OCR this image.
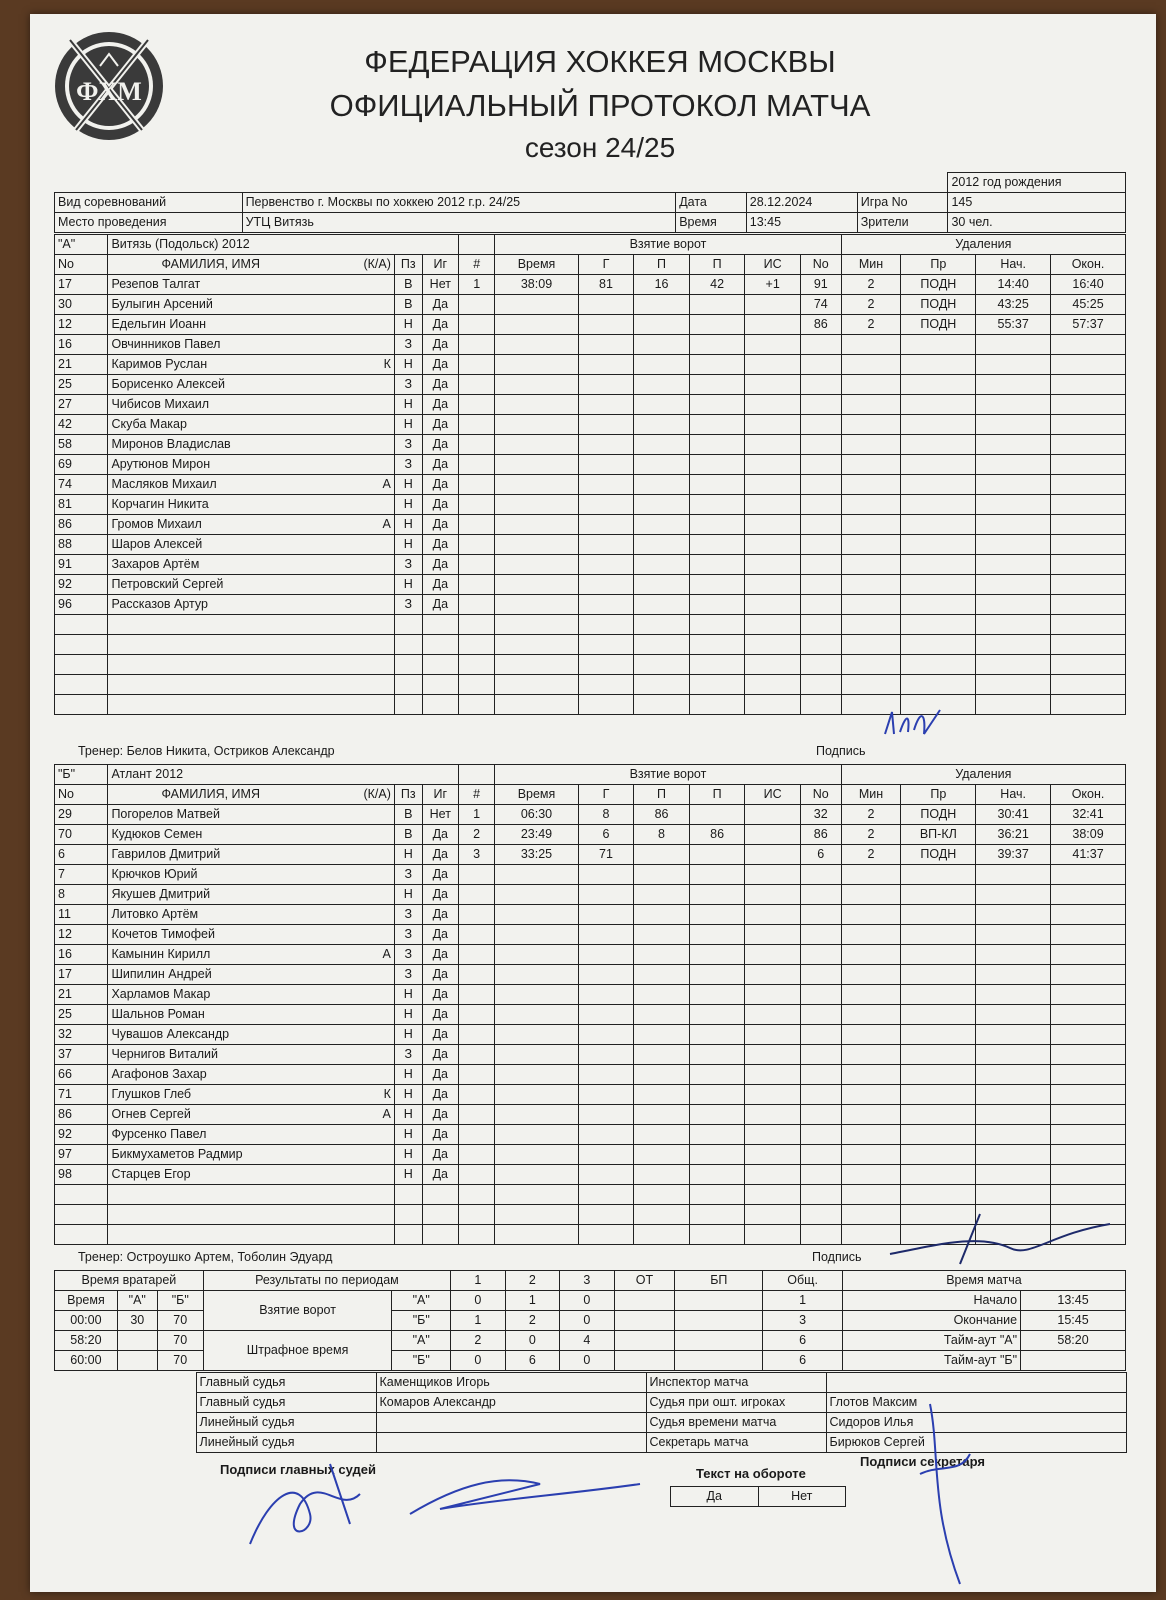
ФХМ
ФЕДЕРАЦИЯ ХОККЕЯ МОСКВЫ
ОФИЦИАЛЬНЫЙ ПРОТОКОЛ МАТЧА
сезон 24/25
					2012 год рождения
Вид соревнований	Первенство г. Москвы по хоккею 2012 г.р. 24/25	Дата	28.12.2024	Игра No	145
Место проведения	УТЦ Витязь	Время	13:45	Зрители	30 чел.
"А"	Витязь (Подольск) 2012				Взятие ворот						Удаления			
No	ФАМИЛИЯ, ИМЯ (К/А)	Пз	Иг	#	Время	Г	П	П	ИС	No	Мин	Пр	Нач.	Окон.
17	Резепов Талгат	В	Нет	1	38:09	81	16	42	+1	91	2	ПОДН	14:40	16:40
30	Булыгин Арсений	В	Да							74	2	ПОДН	43:25	45:25
12	Едельгин Иоанн	Н	Да							86	2	ПОДН	55:37	57:37
16	Овчинников Павел	З	Да											
21	Каримов Руслан К	Н	Да											
25	Борисенко Алексей	З	Да											
27	Чибисов Михаил	Н	Да											
42	Скуба Макар	Н	Да											
58	Миронов Владислав	З	Да											
69	Арутюнов Мирон	З	Да											
74	Масляков Михаил А	Н	Да											
81	Корчагин Никита	Н	Да											
86	Громов Михаил А	Н	Да											
88	Шаров Алексей	Н	Да											
91	Захаров Артём	З	Да											
92	Петровский Сергей	Н	Да											
96	Рассказов Артур	З	Да											

Тренер: Белов Никита, Остриков Александр	Подпись
"Б"	Атлант 2012				Взятие ворот						Удаления			
No	ФАМИЛИЯ, ИМЯ (К/А)	Пз	Иг	#	Время	Г	П	П	ИС	No	Мин	Пр	Нач.	Окон.
29	Погорелов Матвей	В	Нет	1	06:30	8	86			32	2	ПОДН	30:41	32:41
70	Кудюков Семен	В	Да	2	23:49	6	8	86		86	2	ВП-КЛ	36:21	38:09
6	Гаврилов Дмитрий	Н	Да	3	33:25	71				6	2	ПОДН	39:37	41:37
7	Крючков Юрий	З	Да											
8	Якушев Дмитрий	Н	Да											
11	Литовко Артём	З	Да											
12	Кочетов Тимофей	З	Да											
16	Камынин Кирилл А	З	Да											
17	Шипилин Андрей	З	Да											
21	Харламов Макар	Н	Да											
25	Шальнов Роман	Н	Да											
32	Чувашов Александр	Н	Да											
37	Чернигов Виталий	З	Да											
66	Агафонов Захар	Н	Да											
71	Глушков Глеб К	Н	Да											
86	Огнев Сергей А	Н	Да											
92	Фурсенко Павел	Н	Да											
97	Бикмухаметов Радмир	Н	Да											
98	Старцев Егор	Н	Да											

Тренер: Остроушко Артем, Тоболин Эдуард	Подпись
Время вратарей			Результаты по периодам		1	2	3	ОТ	БП	Общ.	Время матча	
Время	"А"	"Б"	Взятие ворот	"А"	0	1	0			1	Начало	13:45
00:00	30	70		"Б"	1	2	0			3	Окончание	15:45
58:20		70	Штрафное время	"А"	2	0	4			6	Тайм-аут "А"	58:20
60:00		70		"Б"	0	6	0			6	Тайм-аут "Б"	
	Главный судья	Каменщиков Игорь	Инспектор матча	
	Главный судья	Комаров Александр	Судья при ошт. игроках	Глотов Максим
	Линейный судья		Судья времени матча	Сидоров Илья
	Линейный судья		Секретарь матча	Бирюков Сергей
Подписи главных судей
Подписи секретаря
Текст на обороте
Да	Нет
